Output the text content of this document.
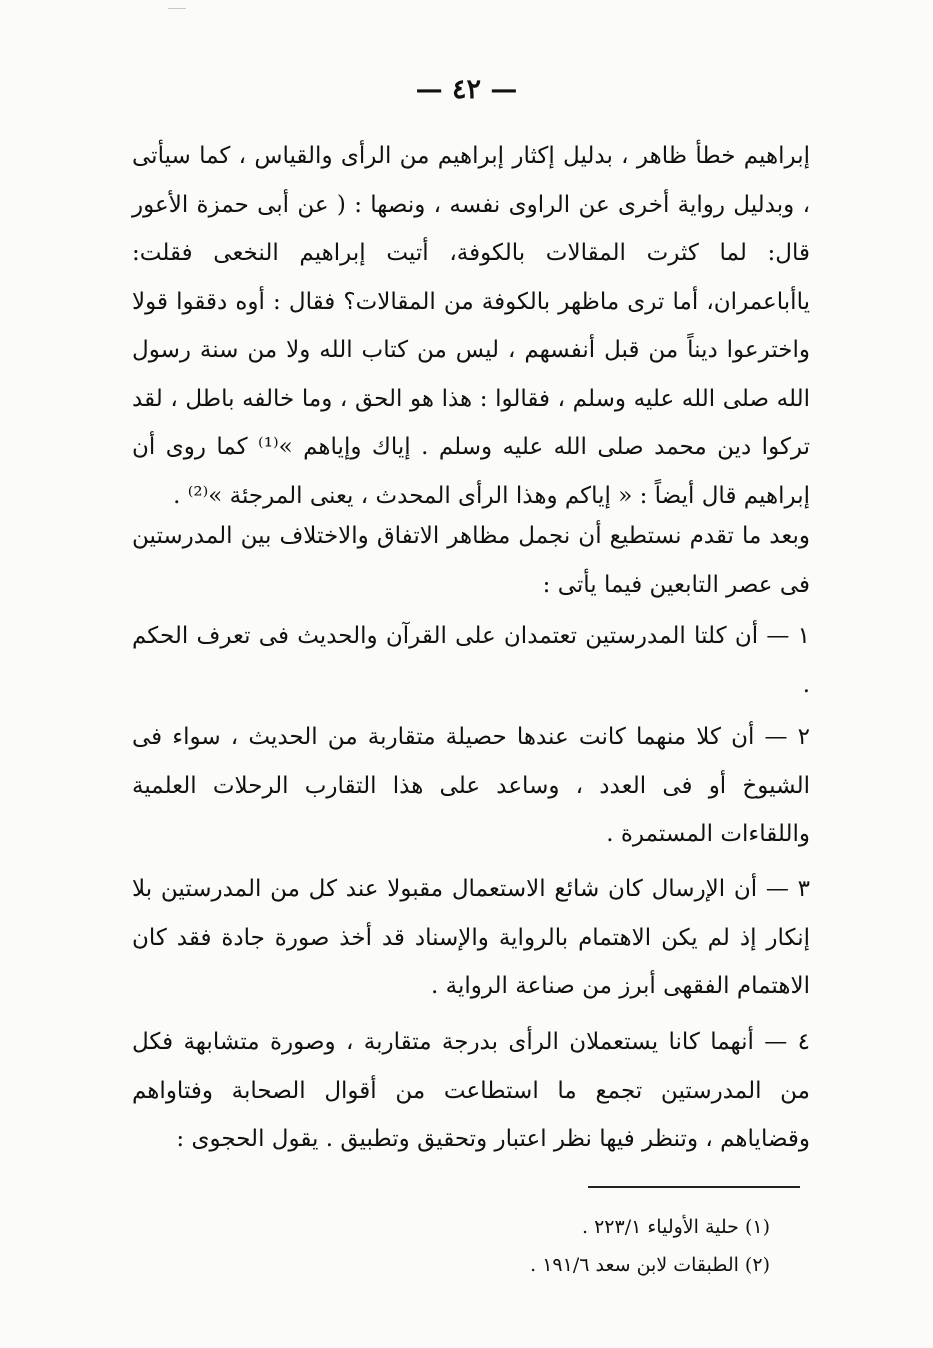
— ٤٢ —
إبراهيم خطأ ظاهر ، بدليل إكثار إبراهيم من الرأى والقياس ، كما سيأتى ، وبدليل رواية أخرى عن الراوى نفسه ، ونصها : ( عن أبى حمزة الأعور قال: لما كثرت المقالات بالكوفة، أتيت إبراهيم النخعى فقلت: ياأباعمران، أما ترى ماظهر بالكوفة من المقالات؟ فقال : أوه دققوا قولا واخترعوا ديناً من قبل أنفسهم ، ليس من كتاب الله ولا من سنة رسول الله صلى الله عليه وسلم ، فقالوا : هذا هو الحق ، وما خالفه باطل ، لقد تركوا دين محمد صلى الله عليه وسلم . إياك وإياهم »⁽¹⁾ كما روى أن إبراهيم قال أيضاً : « إياكم وهذا الرأى المحدث ، يعنى المرجئة »⁽²⁾ .
وبعد ما تقدم نستطيع أن نجمل مظاهر الاتفاق والاختلاف بين المدرستين فى عصر التابعين فيما يأتى :
١ — أن كلتا المدرستين تعتمدان على القرآن والحديث فى تعرف الحكم .
٢ — أن كلا منهما كانت عندها حصيلة متقاربة من الحديث ، سواء فى الشيوخ أو فى العدد ، وساعد على هذا التقارب الرحلات العلمية واللقاءات المستمرة .
٣ — أن الإرسال كان شائع الاستعمال مقبولا عند كل من المدرستين بلا إنكار إذ لم يكن الاهتمام بالرواية والإسناد قد أخذ صورة جادة فقد كان الاهتمام الفقهى أبرز من صناعة الرواية .
٤ — أنهما كانا يستعملان الرأى بدرجة متقاربة ، وصورة متشابهة فكل من المدرستين تجمع ما استطاعت من أقوال الصحابة وفتاواهم وقضاياهم ، وتنظر فيها نظر اعتبار وتحقيق وتطبيق . يقول الحجوى :
(١) حلية الأولياء ٢٢٣/١ .
(٢) الطبقات لابن سعد ١٩١/٦ .
